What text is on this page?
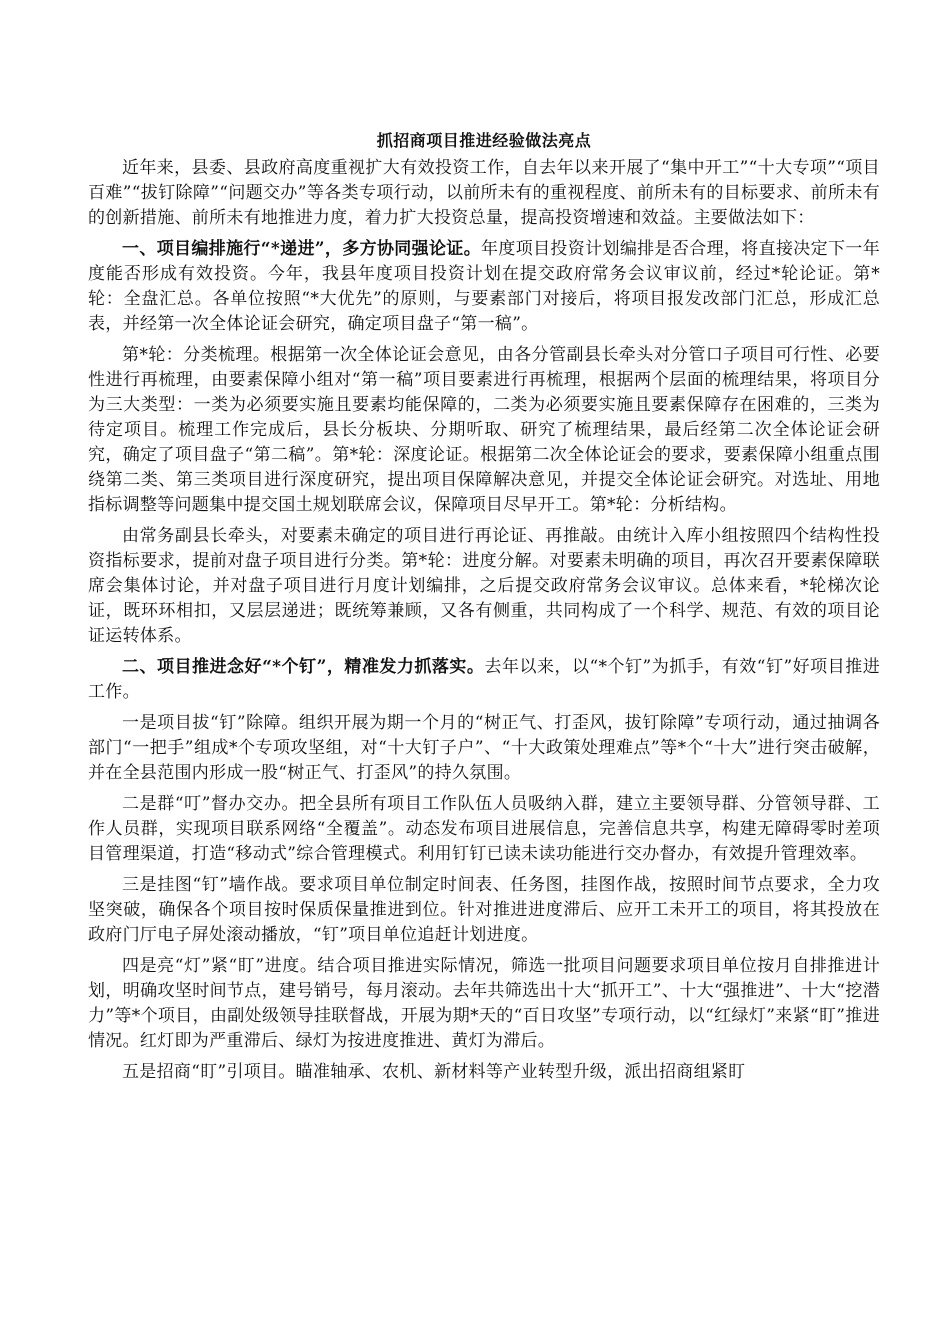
抓招商项目推进经验做法亮点

近年来，县委、县政府高度重视扩大有效投资工作，自去年以来开展了“集中开工”“十大专项”“项目百难”“拔钉除障”“问题交办”等各类专项行动，以前所未有的重视程度、前所未有的目标要求、前所未有的创新措施、前所未有地推进力度，着力扩大投资总量，提高投资增速和效益。主要做法如下：

一、项目编排施行“*递进”，多方协同强论证。年度项目投资计划编排是否合理，将直接决定下一年度能否形成有效投资。今年，我县年度项目投资计划在提交政府常务会议审议前，经过*轮论证。第*轮：全盘汇总。各单位按照“*大优先”的原则，与要素部门对接后，将项目报发改部门汇总，形成汇总表，并经第一次全体论证会研究，确定项目盘子“第一稿”。

第*轮：分类梳理。根据第一次全体论证会意见，由各分管副县长牵头对分管口子项目可行性、必要性进行再梳理，由要素保障小组对“第一稿”项目要素进行再梳理，根据两个层面的梳理结果，将项目分为三大类型：一类为必须要实施且要素均能保障的，二类为必须要实施且要素保障存在困难的，三类为待定项目。梳理工作完成后，县长分板块、分期听取、研究了梳理结果，最后经第二次全体论证会研究，确定了项目盘子“第二稿”。第*轮：深度论证。根据第二次全体论证会的要求，要素保障小组重点围绕第二类、第三类项目进行深度研究，提出项目保障解决意见，并提交全体论证会研究。对选址、用地指标调整等问题集中提交国土规划联席会议，保障项目尽早开工。第*轮：分析结构。

由常务副县长牵头，对要素未确定的项目进行再论证、再推敲。由统计入库小组按照四个结构性投资指标要求，提前对盘子项目进行分类。第*轮：进度分解。对要素未明确的项目，再次召开要素保障联席会集体讨论，并对盘子项目进行月度计划编排，之后提交政府常务会议审议。总体来看，*轮梯次论证，既环环相扣，又层层递进；既统筹兼顾，又各有侧重，共同构成了一个科学、规范、有效的项目论证运转体系。

二、项目推进念好“*个钉”，精准发力抓落实。去年以来，以“*个钉”为抓手，有效“钉”好项目推进工作。

一是项目拔“钉”除障。组织开展为期一个月的“树正气、打歪风，拔钉除障”专项行动，通过抽调各部门“一把手”组成*个专项攻坚组，对“十大钉子户”、“十大政策处理难点”等*个“十大”进行突击破解，并在全县范围内形成一股“树正气、打歪风”的持久氛围。

二是群“叮”督办交办。把全县所有项目工作队伍人员吸纳入群，建立主要领导群、分管领导群、工作人员群，实现项目联系网络“全覆盖”。动态发布项目进展信息，完善信息共享，构建无障碍零时差项目管理渠道，打造“移动式”综合管理模式。利用钉钉已读未读功能进行交办督办，有效提升管理效率。

三是挂图“钉”墙作战。要求项目单位制定时间表、任务图，挂图作战，按照时间节点要求，全力攻坚突破，确保各个项目按时保质保量推进到位。针对推进进度滞后、应开工未开工的项目，将其投放在政府门厅电子屏处滚动播放，“钉”项目单位追赶计划进度。

四是亮“灯”紧“盯”进度。结合项目推进实际情况，筛选一批项目问题要求项目单位按月自排推进计划，明确攻坚时间节点，建号销号，每月滚动。去年共筛选出十大“抓开工”、十大“强推进”、十大“挖潜力”等*个项目，由副处级领导挂联督战，开展为期*天的“百日攻坚”专项行动，以“红绿灯”来紧“盯”推进情况。红灯即为严重滞后、绿灯为按进度推进、黄灯为滞后。

五是招商“盯”引项目。瞄准轴承、农机、新材料等产业转型升级，派出招商组紧盯
